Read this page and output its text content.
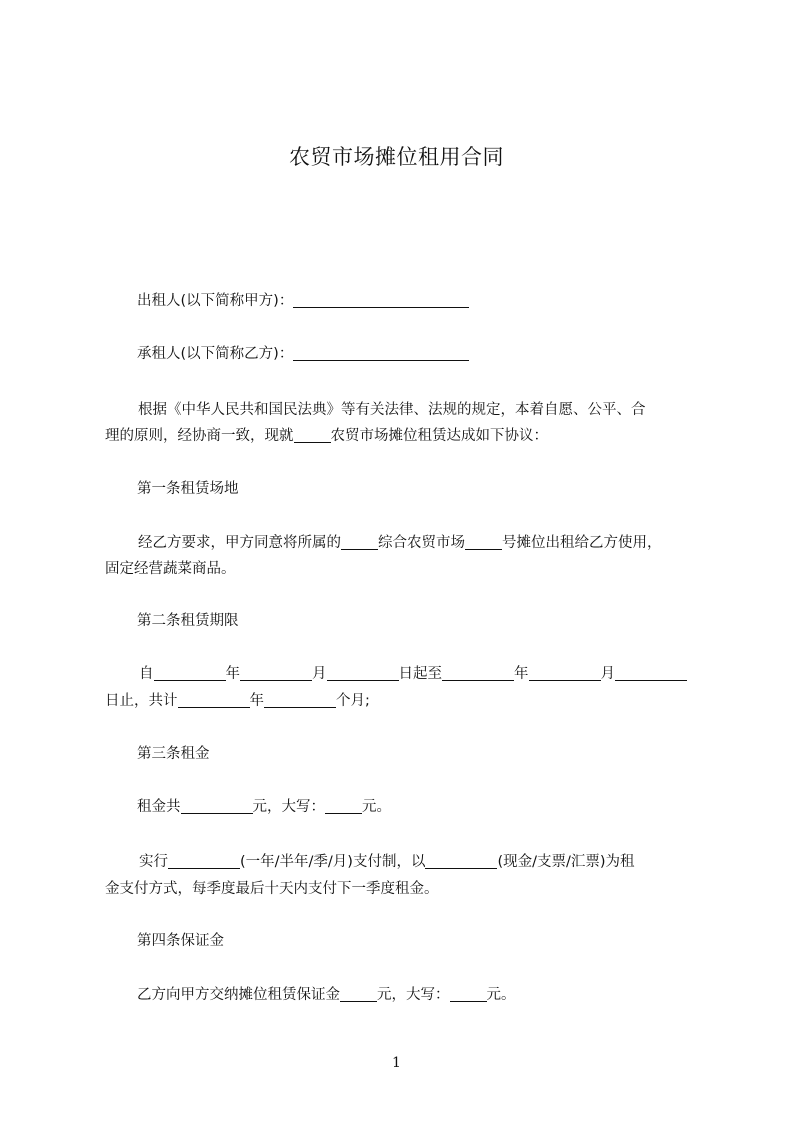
农贸市场摊位租用合同

出租人(以下简称甲方)：

承租人(以下简称乙方)：

根据《中华人民共和国民法典》等有关法律、法规的规定，本着自愿、公平、合

理的原则，经协商一致，现就	农贸市场摊位租赁达成如下协议：

第一条租赁场地

经乙方要求，甲方同意将所属的	综合农贸市场	号摊位出租给乙方使用，

固定经营蔬菜商品。

第二条租赁期限

自	年	月	日起至	年	月

日止，共计	年	个月;

第三条租金

租金共	元，大写：	元。

实行	(一年/半年/季/月)支付制，以	(现金/支票/汇票)为租

金支付方式，每季度最后十天内支付下一季度租金。

第四条保证金

乙方向甲方交纳摊位租赁保证金	元，大写：	元。

1
